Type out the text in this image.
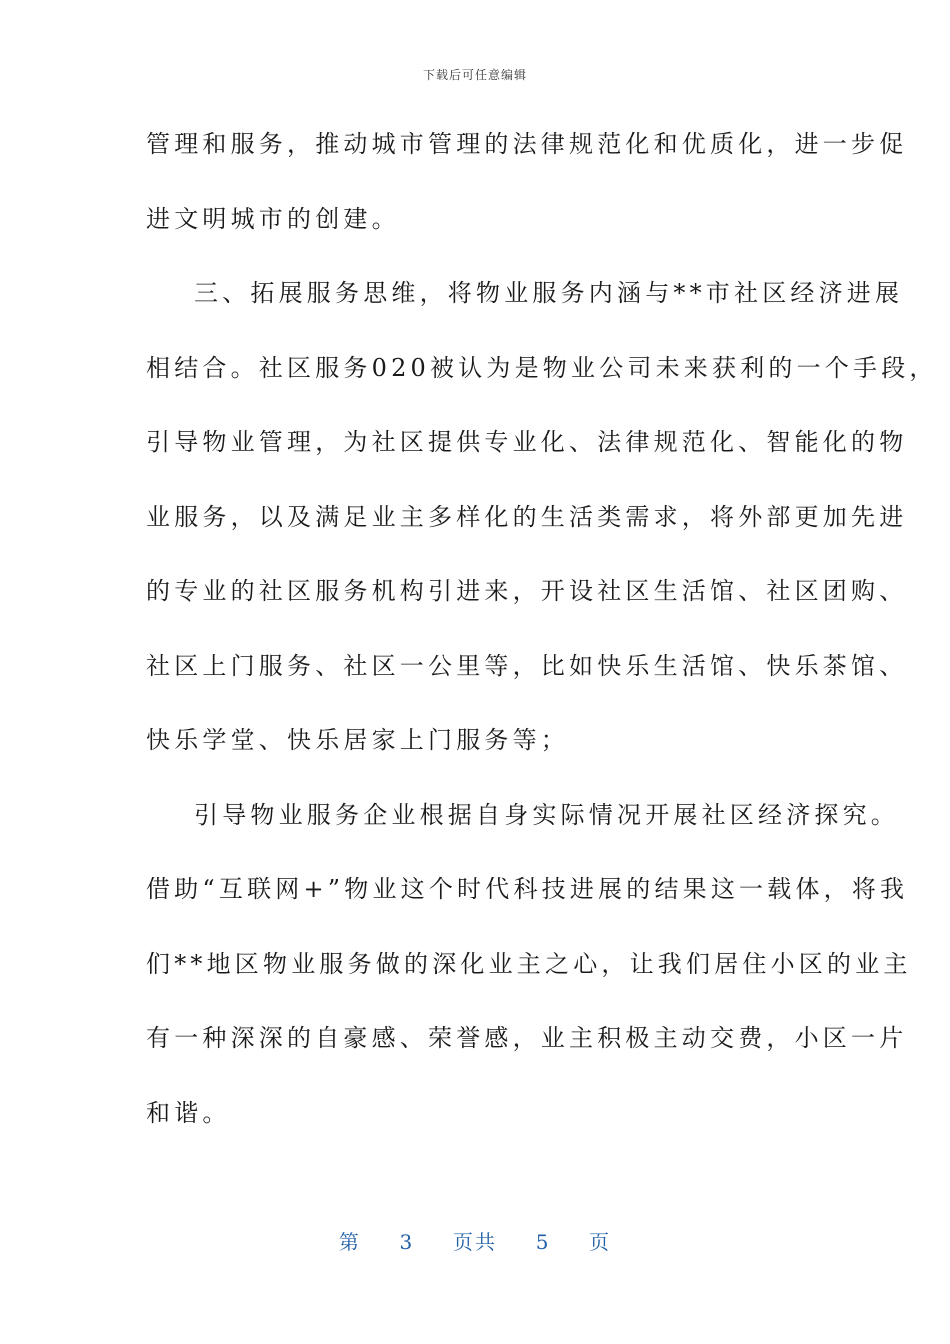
下载后可任意编辑
管理和服务，推动城市管理的法律规范化和优质化，进一步促
进文明城市的创建。
三、拓展服务思维，将物业服务内涵与**市社区经济进展
相结合。社区服务020被认为是物业公司未来获利的一个手段，
引导物业管理，为社区提供专业化、法律规范化、智能化的物
业服务，以及满足业主多样化的生活类需求，将外部更加先进
的专业的社区服务机构引进来，开设社区生活馆、社区团购、
社区上门服务、社区一公里等，比如快乐生活馆、快乐茶馆、
快乐学堂、快乐居家上门服务等；
引导物业服务企业根据自身实际情况开展社区经济探究。
借助“互联网+”物业这个时代科技进展的结果这一载体，将我
们**地区物业服务做的深化业主之心，让我们居住小区的业主
有一种深深的自豪感、荣誉感，业主积极主动交费，小区一片
和谐。
第 3 页共 5 页
